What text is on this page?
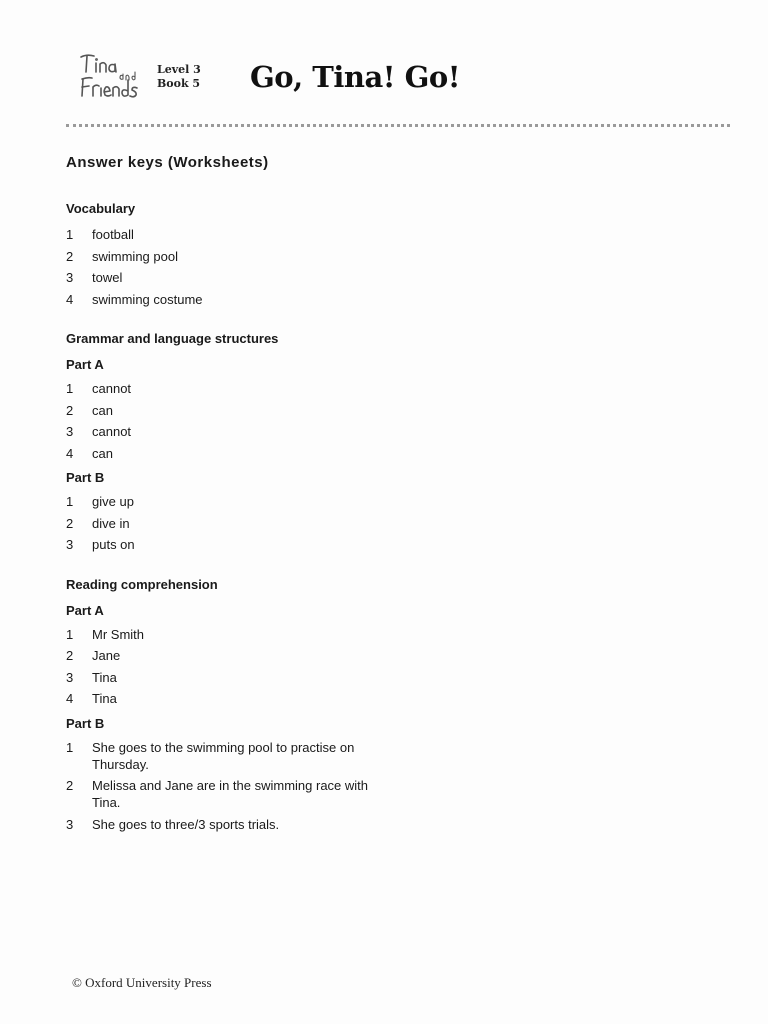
Level 3
Book 5 Go, Tina! Go!
Answer keys (Worksheets)
Vocabulary
1	football
2	swimming pool
3	towel
4	swimming costume
Grammar and language structures
Part A
1	cannot
2	can
3	cannot
4	can
Part B
1	give up
2	dive in
3	puts on
Reading comprehension
Part A
1	Mr Smith
2	Jane
3	Tina
4	Tina
Part B
1	She goes to the swimming pool to practise on Thursday.
2	Melissa and Jane are in the swimming race with Tina.
3	She goes to three/3 sports trials.
© Oxford University Press
